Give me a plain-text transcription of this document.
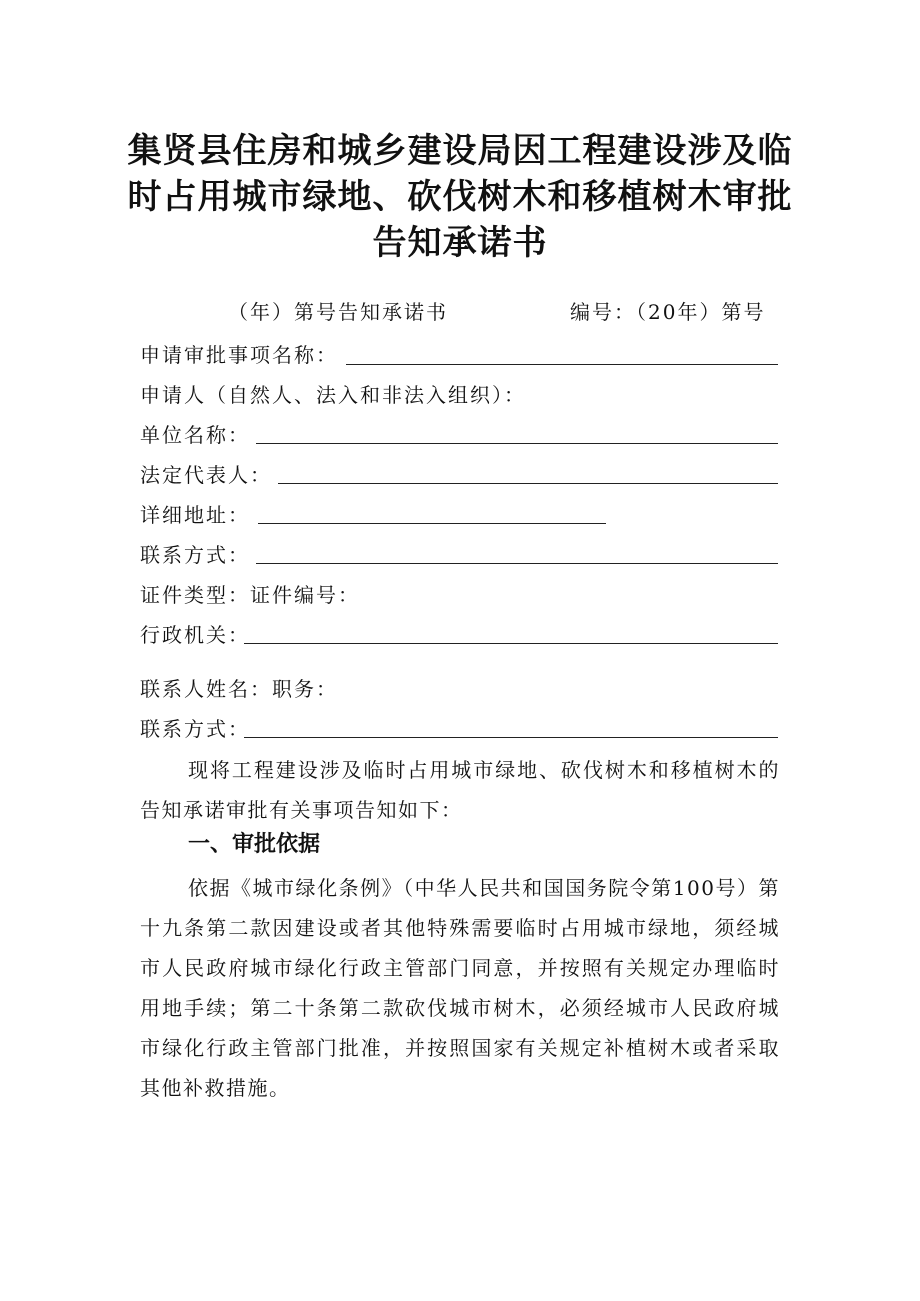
集贤县住房和城乡建设局因工程建设涉及临
时占用城市绿地、砍伐树木和移植树木审批
告知承诺书
（年）第号告知承诺书	编号：（20年）第号
申请审批事项名称：
申请人（自然人、法入和非法入组织）：
单位名称：
法定代表人：
详细地址：
联系方式：
证件类型：证件编号：
行政机关：
联系人姓名：职务：
联系方式：
现将工程建设涉及临时占用城市绿地、砍伐树木和移植树木的告知承诺审批有关事项告知如下：
一、审批依据
依据《城市绿化条例》（中华人民共和国国务院令第100号）第十九条第二款因建设或者其他特殊需要临时占用城市绿地，须经城市人民政府城市绿化行政主管部门同意，并按照有关规定办理临时用地手续；第二十条第二款砍伐城市树木，必须经城市人民政府城市绿化行政主管部门批准，并按照国家有关规定补植树木或者采取其他补救措施。
